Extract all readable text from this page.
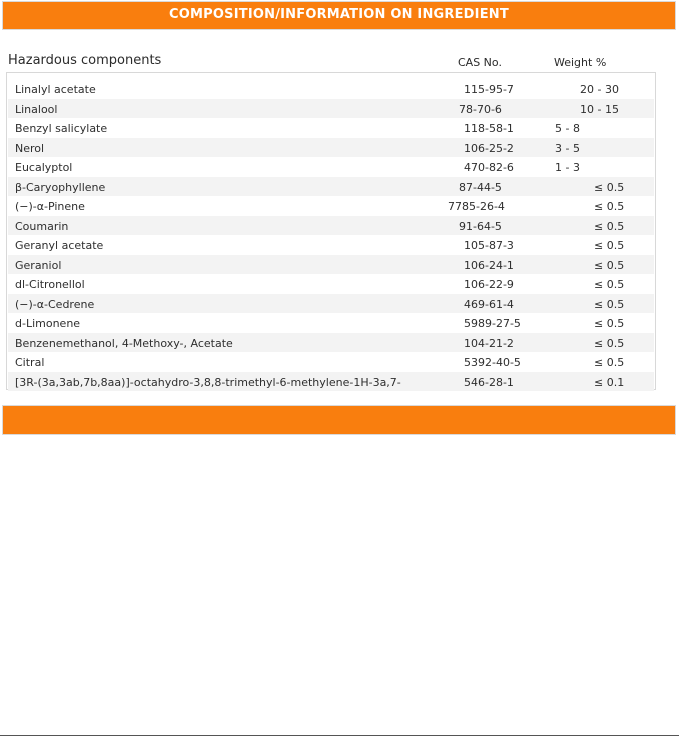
COMPOSITION/INFORMATION ON INGREDIENT
Hazardous components	CAS No.	Weight %
Linalyl acetate	115-95-7	20 - 30
Linalool	78-70-6	10 - 15
Benzyl salicylate	118-58-1	5 - 8
Nerol	106-25-2	3 - 5
Eucalyptol	470-82-6	1 - 3
β-Caryophyllene	87-44-5	≤ 0.5
(−)-α-Pinene	7785-26-4	≤ 0.5
Coumarin	91-64-5	≤ 0.5
Geranyl acetate	105-87-3	≤ 0.5
Geraniol	106-24-1	≤ 0.5
dl-Citronellol	106-22-9	≤ 0.5
(−)-α-Cedrene	469-61-4	≤ 0.5
d-Limonene	5989-27-5	≤ 0.5
Benzenemethanol, 4-Methoxy-, Acetate	104-21-2	≤ 0.5
Citral	5392-40-5	≤ 0.5
[3R-(3a,3ab,7b,8aa)]-octahydro-3,8,8-trimethyl-6-methylene-1H-3a,7-	546-28-1	≤ 0.1
